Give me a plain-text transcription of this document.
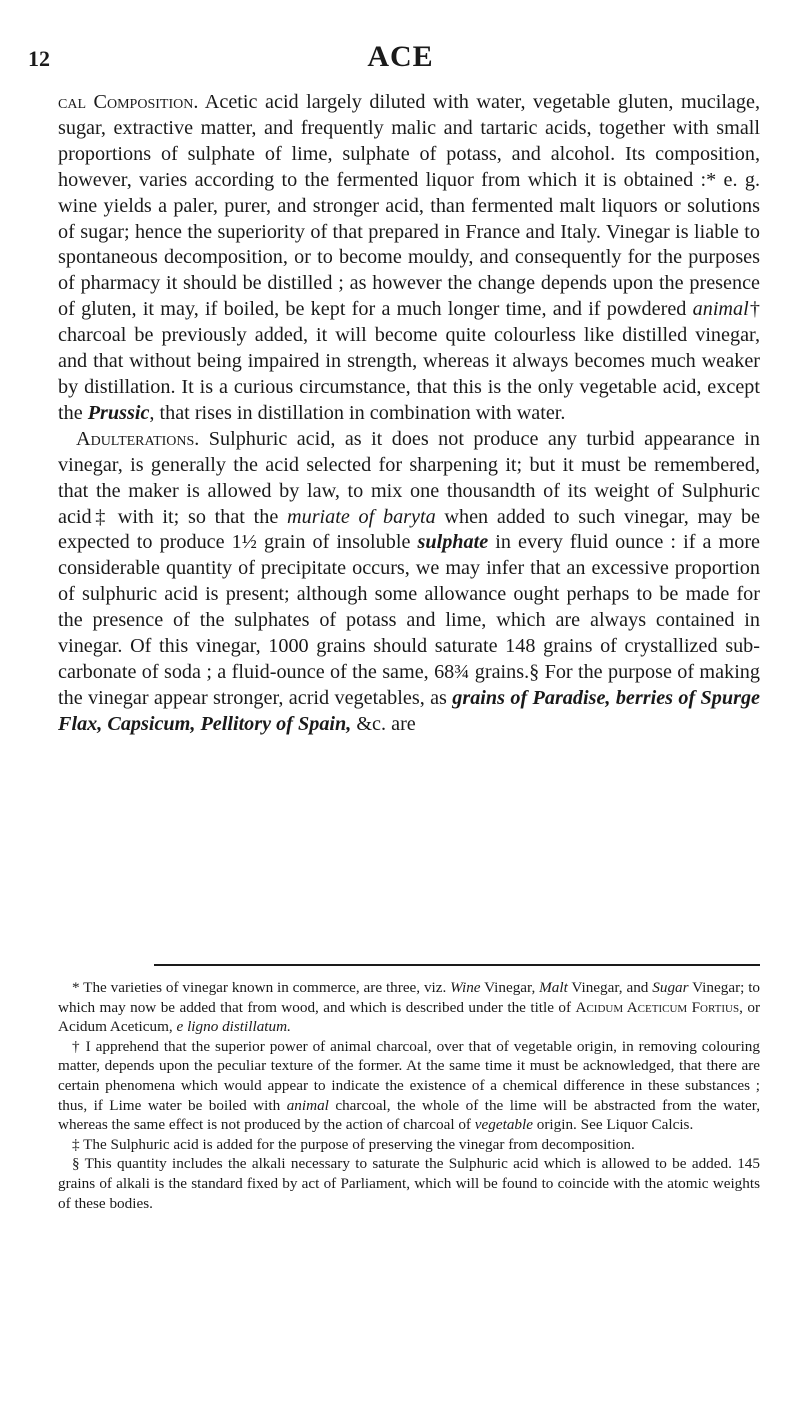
12	ACE

cal Composition. Acetic acid largely diluted with water, vegetable gluten, mucilage, sugar, extractive matter, and frequently malic and tartaric acids, together with small proportions of sulphate of lime, sulphate of potass, and alcohol. Its composition, however, varies according to the fermented liquor from which it is obtained :* e. g. wine yields a paler, purer, and stronger acid, than fermented malt liquors or solutions of sugar; hence the superiority of that prepared in France and Italy. Vinegar is liable to spontaneous decomposition, or to become mouldy, and consequently for the purposes of pharmacy it should be distilled ; as however the change depends upon the presence of gluten, it may, if boiled, be kept for a much longer time, and if powdered animal† charcoal be previously added, it will become quite colourless like distilled vinegar, and that without being impaired in strength, whereas it always becomes much weaker by distillation. It is a curious circumstance, that this is the only vegetable acid, except the Prussic, that rises in distillation in combination with water.

Adulterations. Sulphuric acid, as it does not produce any turbid appearance in vinegar, is generally the acid selected for sharpening it; but it must be remembered, that the maker is allowed by law, to mix one thousandth of its weight of Sulphuric acid‡ with it; so that the muriate of baryta when added to such vinegar, may be expected to produce 1½ grain of insoluble sulphate in every fluid ounce : if a more considerable quantity of precipitate occurs, we may infer that an excessive proportion of sulphuric acid is present; although some allowance ought perhaps to be made for the presence of the sulphates of potass and lime, which are always contained in vinegar. Of this vinegar, 1000 grains should saturate 148 grains of crystallized sub-carbonate of soda ; a fluid-ounce of the same, 68¾ grains.§ For the purpose of making the vinegar appear stronger, acrid vegetables, as grains of Paradise, berries of Spurge Flax, Capsicum, Pellitory of Spain, &c. are

* The varieties of vinegar known in commerce, are three, viz. Wine Vinegar, Malt Vinegar, and Sugar Vinegar; to which may now be added that from wood, and which is described under the title of Acidum Aceticum Fortius, or Acidum Aceticum, e ligno distillatum.

† I apprehend that the superior power of animal charcoal, over that of vegetable origin, in removing colouring matter, depends upon the peculiar texture of the former. At the same time it must be acknowledged, that there are certain phenomena which would appear to indicate the existence of a chemical difference in these substances ; thus, if Lime water be boiled with animal charcoal, the whole of the lime will be abstracted from the water, whereas the same effect is not produced by the action of charcoal of vegetable origin. See Liquor Calcis.

‡ The Sulphuric acid is added for the purpose of preserving the vinegar from decomposition.

§ This quantity includes the alkali necessary to saturate the Sulphuric acid which is allowed to be added. 145 grains of alkali is the standard fixed by act of Parliament, which will be found to coincide with the atomic weights of these bodies.
